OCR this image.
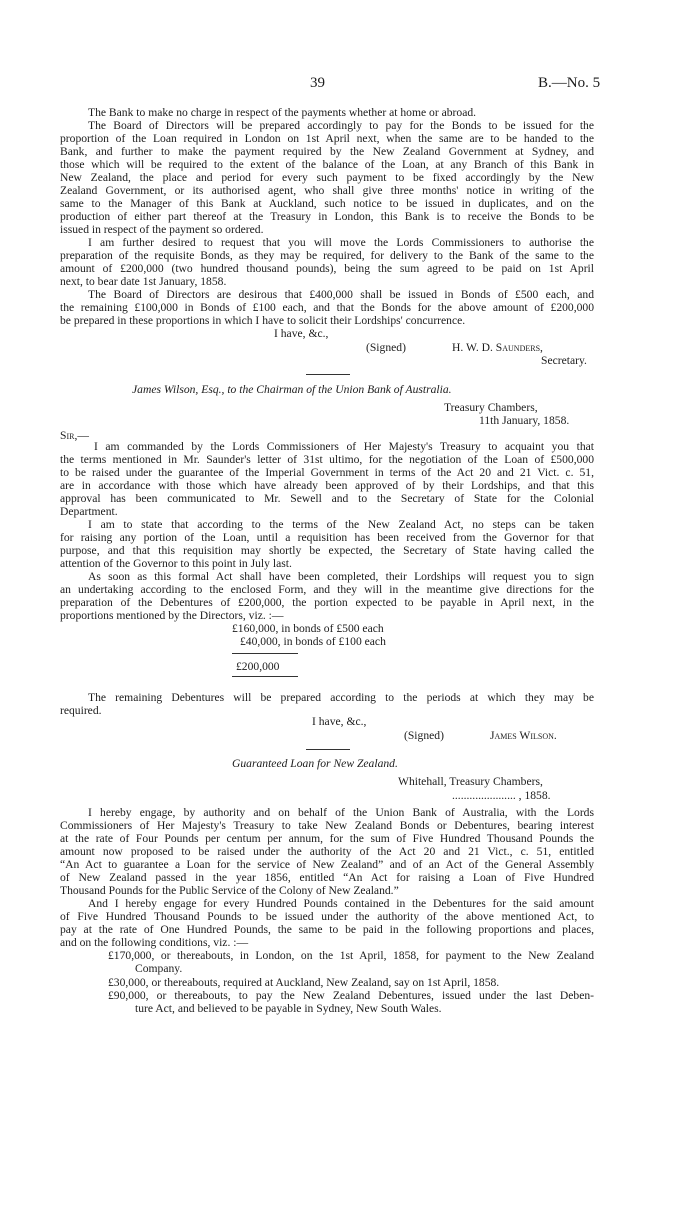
39	B.—No. 5
The Bank to make no charge in respect of the payments whether at home or abroad.
The Board of Directors will be prepared accordingly to pay for the Bonds to be issued for the
proportion of the Loan required in London on 1st April next, when the same are to be handed to the
Bank, and further to make the payment required by the New Zealand Government at Sydney, and
those which will be required to the extent of the balance of the Loan, at any Branch of this Bank in
New Zealand, the place and period for every such payment to be fixed accordingly by the New
Zealand Government, or its authorised agent, who shall give three months' notice in writing of the
same to the Manager of this Bank at Auckland, such notice to be issued in duplicates, and on the
production of either part thereof at the Treasury in London, this Bank is to receive the Bonds to be
issued in respect of the payment so ordered.
I am further desired to request that you will move the Lords Commissioners to authorise the
preparation of the requisite Bonds, as they may be required, for delivery to the Bank of the same to the
amount of £200,000 (two hundred thousand pounds), being the sum agreed to be paid on 1st April
next, to bear date 1st January, 1858.
The Board of Directors are desirous that £400,000 shall be issued in Bonds of £500 each, and
the remaining £100,000 in Bonds of £100 each, and that the Bonds for the above amount of £200,000
be prepared in these proportions in which I have to solicit their Lordships' concurrence.
I have, &c.,
(Signed)	H. W. D. Saunders,
Secretary.
James Wilson, Esq., to the Chairman of the Union Bank of Australia.
Treasury Chambers,
11th January, 1858.
Sir,—
I am commanded by the Lords Commissioners of Her Majesty's Treasury to acquaint you that
the terms mentioned in Mr. Saunder's letter of 31st ultimo, for the negotiation of the Loan of £500,000
to be raised under the guarantee of the Imperial Government in terms of the Act 20 and 21 Vict. c. 51,
are in accordance with those which have already been approved of by their Lordships, and that this
approval has been communicated to Mr. Sewell and to the Secretary of State for the Colonial
Department.
I am to state that according to the terms of the New Zealand Act, no steps can be taken
for raising any portion of the Loan, until a requisition has been received from the Governor for that
purpose, and that this requisition may shortly be expected, the Secretary of State having called the
attention of the Governor to this point in July last.
As soon as this formal Act shall have been completed, their Lordships will request you to sign
an undertaking according to the enclosed Form, and they will in the meantime give directions for the
preparation of the Debentures of £200,000, the portion expected to be payable in April next, in the
proportions mentioned by the Directors, viz. :—
£160,000, in bonds of £500 each
£40,000, in bonds of £100 each
£200,000
The remaining Debentures will be prepared according to the periods at which they may be
required.
I have, &c.,
(Signed)	James Wilson.
Guaranteed Loan for New Zealand.
Whitehall, Treasury Chambers,
...................... , 1858.
I hereby engage, by authority and on behalf of the Union Bank of Australia, with the Lords
Commissioners of Her Majesty's Treasury to take New Zealand Bonds or Debentures, bearing interest
at the rate of Four Pounds per centum per annum, for the sum of Five Hundred Thousand Pounds the
amount now proposed to be raised under the authority of the Act 20 and 21 Vict., c. 51, entitled
“An Act to guarantee a Loan for the service of New Zealand” and of an Act of the General Assembly
of New Zealand passed in the year 1856, entitled “An Act for raising a Loan of Five Hundred
Thousand Pounds for the Public Service of the Colony of New Zealand.”
And I hereby engage for every Hundred Pounds contained in the Debentures for the said amount
of Five Hundred Thousand Pounds to be issued under the authority of the above mentioned Act, to
pay at the rate of One Hundred Pounds, the same to be paid in the following proportions and places,
and on the following conditions, viz. :—
£170,000, or thereabouts, in London, on the 1st April, 1858, for payment to the New Zealand
Company.
£30,000, or thereabouts, required at Auckland, New Zealand, say on 1st April, 1858.
£90,000, or thereabouts, to pay the New Zealand Debentures, issued under the last Deben-
ture Act, and believed to be payable in Sydney, New South Wales.
